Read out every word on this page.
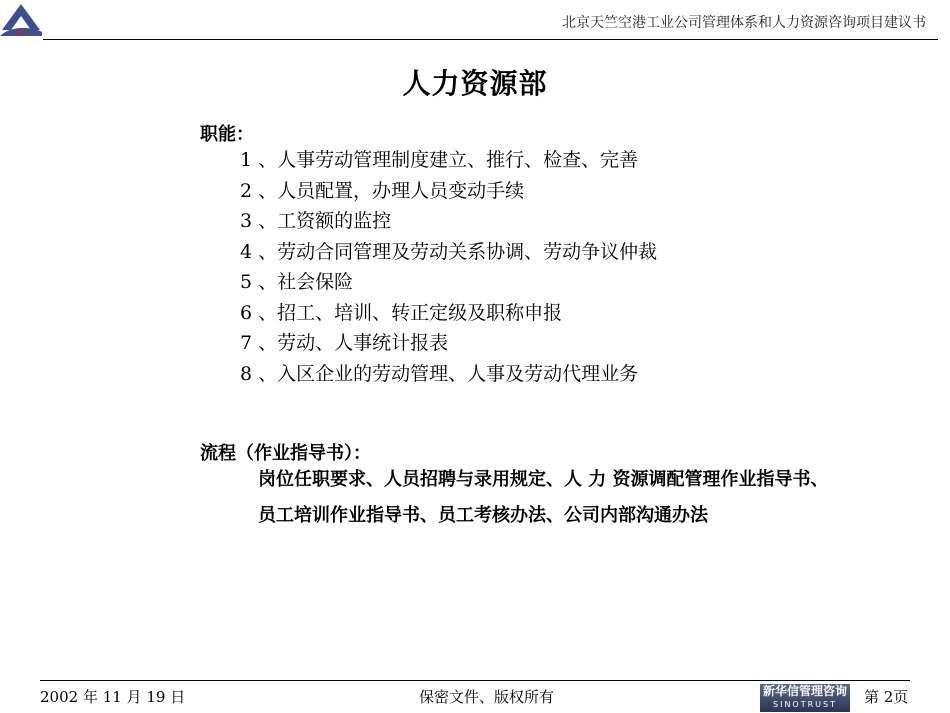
BIA
北京天竺空港工业公司管理体系和人力资源咨询项目建议书
人力资源部
职能：
1 、人事劳动管理制度建立、推行、检查、完善
2 、人员配置，办理人员变动手续
3 、工资额的监控
4 、劳动合同管理及劳动关系协调、劳动争议仲裁
5 、社会保险
6 、招工、培训、转正定级及职称申报
7 、劳动、人事统计报表
8 、入区企业的劳动管理、人事及劳动代理业务
流程（作业指导书）：
岗位任职要求、人员招聘与录用规定、人 力 资源调配管理作业指导书、
员工培训作业指导书、员工考核办法、公司内部沟通办法
2002 年 11 月 19 日	保密文件、版权所有	新华信管理咨询
SINOTRUST	第 2页
